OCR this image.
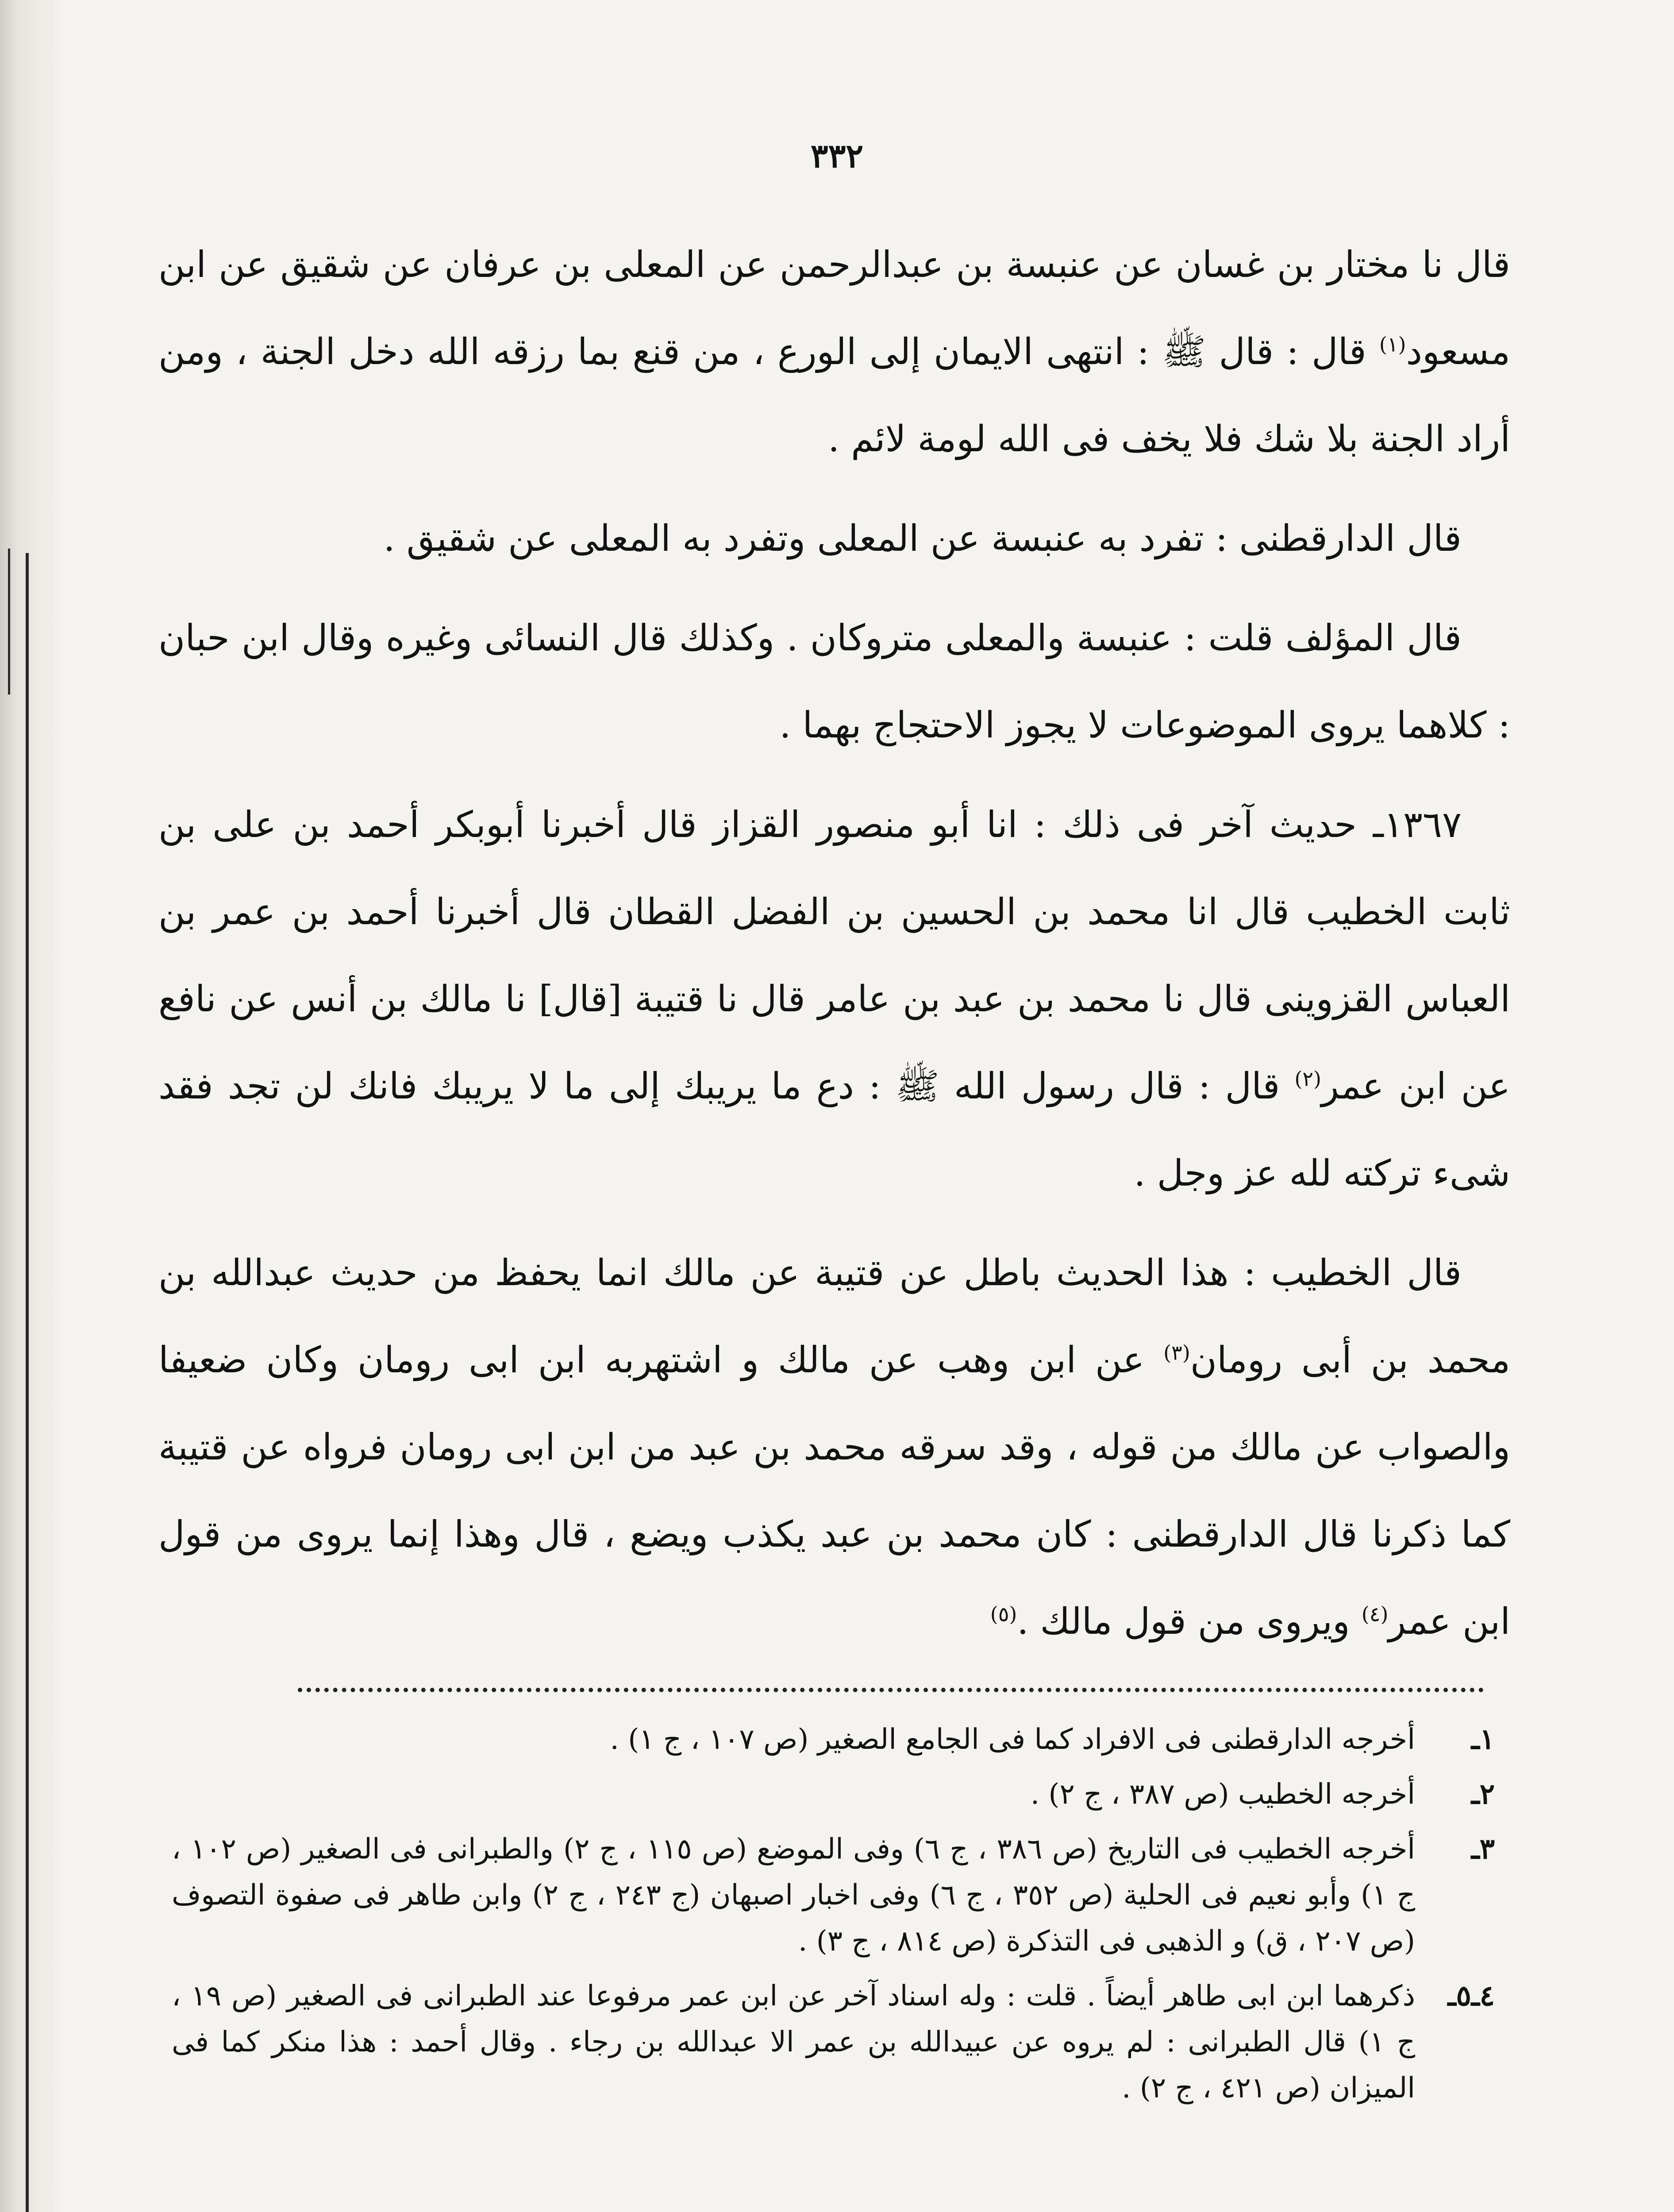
٣٣٢

قال نا مختار بن غسان عن عنبسة بن عبدالرحمن عن المعلى بن عرفان عن شقيق عن ابن مسعود$^{(١)}$ قال : قال ﷺ : انتهى الايمان إلى الورع ، من قنع بما رزقه الله دخل الجنة ، ومن أراد الجنة بلا شك فلا يخف فى الله لومة لائم .

قال الدارقطنى : تفرد به عنبسة عن المعلى وتفرد به المعلى عن شقيق .

قال المؤلف قلت : عنبسة والمعلى متروكان . وكذلك قال النسائى وغيره وقال ابن حبان : كلاهما يروى الموضوعات لا يجوز الاحتجاج بهما .

١٣٦٧ـ حديث آخر فى ذلك : انا أبو منصور القزاز قال أخبرنا أبوبكر أحمد بن على بن ثابت الخطيب قال انا محمد بن الحسين بن الفضل القطان قال أخبرنا أحمد بن عمر بن العباس القزوينى قال نا محمد بن عبد بن عامر قال نا قتيبة [قال] نا مالك بن أنس عن نافع عن ابن عمر$^{(٢)}$ قال : قال رسول الله ﷺ : دع ما يريبك إلى ما لا يريبك فانك لن تجد فقد شىء تركته لله عز وجل .

قال الخطيب : هذا الحديث باطل عن قتيبة عن مالك انما يحفظ من حديث عبدالله بن محمد بن أبى رومان$^{(٣)}$ عن ابن وهب عن مالك و اشتهربه ابن ابى رومان وكان ضعيفا والصواب عن مالك من قوله ، وقد سرقه محمد بن عبد من ابن ابى رومان فرواه عن قتيبة كما ذكرنا قال الدارقطنى : كان محمد بن عبد يكذب ويضع ، قال وهذا إنما يروى من قول ابن عمر$^{(٤)}$ ويروى من قول مالك .$^{(٥)}$

١ـ
أخرجه الدارقطنى فى الافراد كما فى الجامع الصغير (ص ١٠٧ ، ج ١) .
٢ـ
أخرجه الخطيب (ص ٣٨٧ ، ج ٢) .
٣ـ
أخرجه الخطيب فى التاريخ (ص ٣٨٦ ، ج ٦) وفى الموضع (ص ١١٥ ، ج ٢) والطبرانى فى الصغير (ص ١٠٢ ، ج ١) وأبو نعيم فى الحلية (ص ٣٥٢ ، ج ٦) وفى اخبار اصبهان (ج ٢٤٣ ، ج ٢) وابن طاهر فى صفوة التصوف (ص ٢٠٧ ، ق) و الذهبى فى التذكرة (ص ٨١٤ ، ج ٣) .
٤ـ٥ـ
ذكرهما ابن ابى طاهر أيضاً . قلت : وله اسناد آخر عن ابن عمر مرفوعا عند الطبرانى فى الصغير (ص ١٩ ، ج ١) قال الطبرانى : لم يروه عن عبيدالله بن عمر الا عبدالله بن رجاء . وقال أحمد : هذا منكر كما فى الميزان (ص ٤٢١ ، ج ٢) .
